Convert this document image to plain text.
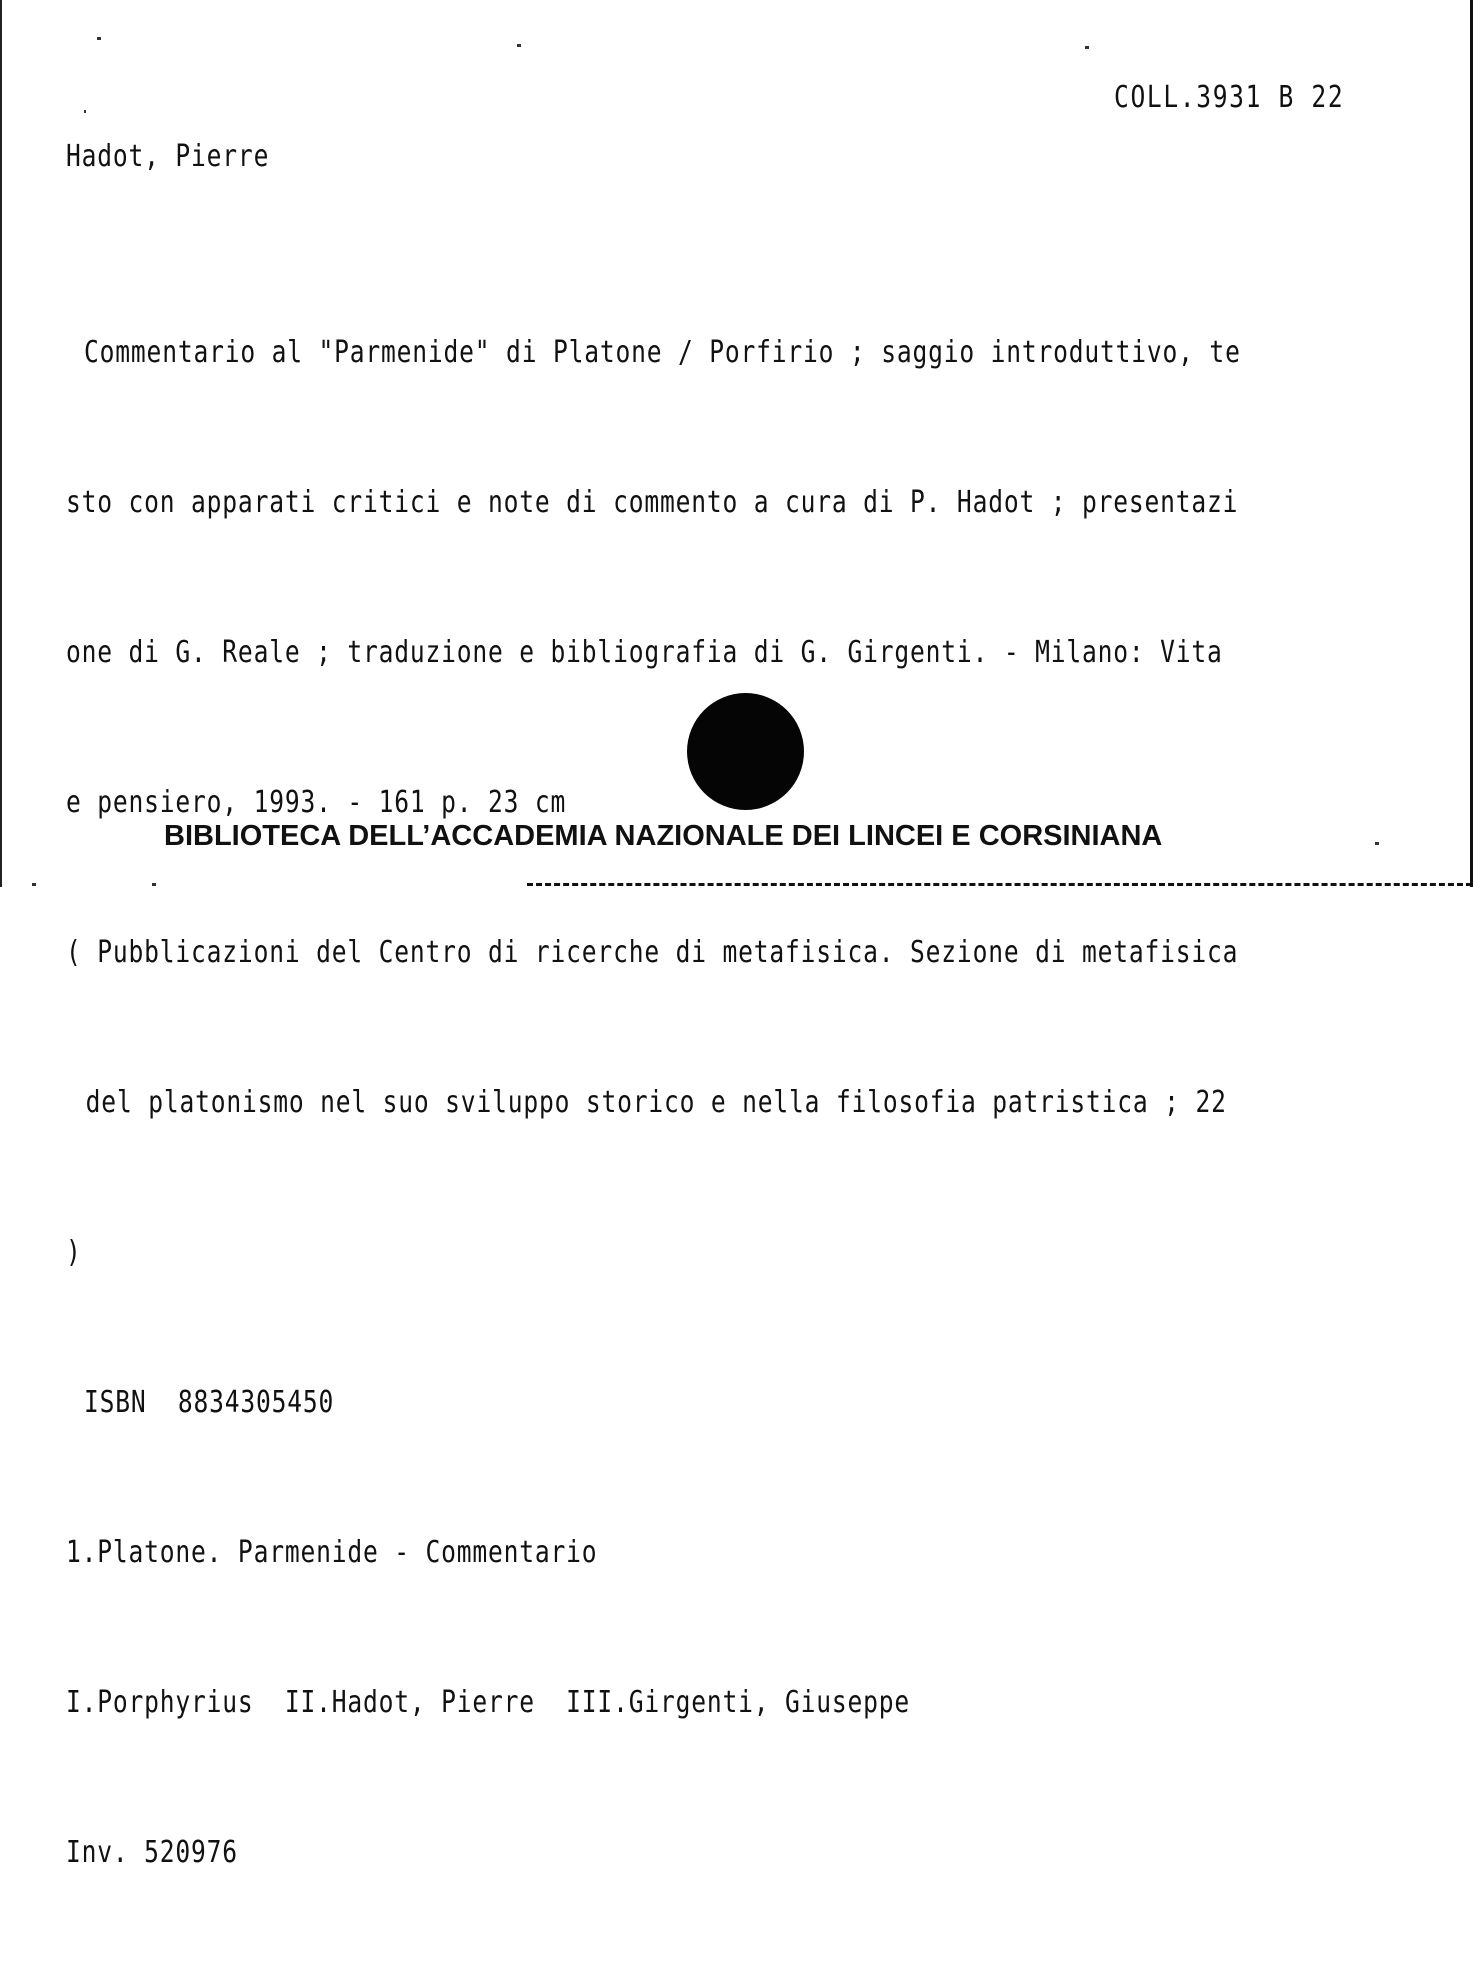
COLL.3931 B 22
Hadot, Pierre

Commentario al "Parmenide" di Platone / Porfirio ; saggio introduttivo, te

sto con apparati critici e note di commento a cura di P. Hadot ; presentazi

one di G. Reale ; traduzione e bibliografia di G. Girgenti. - Milano: Vita

e pensiero, 1993. - 161 p. 23 cm

( Pubblicazioni del Centro di ricerche di metafisica. Sezione di metafisica

del platonismo nel suo sviluppo storico e nella filosofia patristica ; 22

)

ISBN  8834305450

1.Platone. Parmenide - Commentario

I.Porphyrius  II.Hadot, Pierre  III.Girgenti, Giuseppe

Inv. 520976

BIBLIOTECA DELL’ACCADEMIA NAZIONALE DEI LINCEI E CORSINIANA
